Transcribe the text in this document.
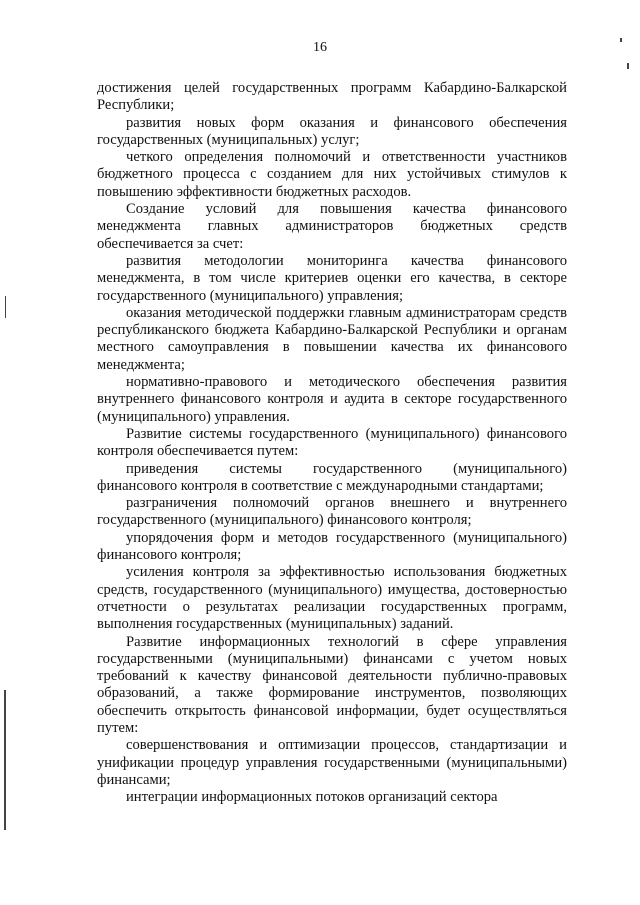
16

достижения целей государственных программ Кабардино-Балкарской Республики;

развития новых форм оказания и финансового обеспечения государственных (муниципальных) услуг;

четкого определения полномочий и ответственности участников бюджетного процесса с созданием для них устойчивых стимулов к повышению эффективности бюджетных расходов.

Создание условий для повышения качества финансового менеджмента главных администраторов бюджетных средств обеспечивается за счет:

развития методологии мониторинга качества финансового менеджмента, в том числе критериев оценки его качества, в секторе государственного (муниципального) управления;

оказания методической поддержки главным администраторам средств республиканского бюджета Кабардино-Балкарской Республики и органам местного самоуправления в повышении качества их финансового менеджмента;

нормативно-правового и методического обеспечения развития внутреннего финансового контроля и аудита в секторе государственного (муниципального) управления.

Развитие системы государственного (муниципального) финансового контроля обеспечивается путем:

приведения системы государственного (муниципального) финансового контроля в соответствие с международными стандартами;

разграничения полномочий органов внешнего и внутреннего государственного (муниципального) финансового контроля;

упорядочения форм и методов государственного (муниципального) финансового контроля;

усиления контроля за эффективностью использования бюджетных средств, государственного (муниципального) имущества, достоверностью отчетности о результатах реализации государственных программ, выполнения государственных (муниципальных) заданий.

Развитие информационных технологий в сфере управления государственными (муниципальными) финансами с учетом новых требований к качеству финансовой деятельности публично-правовых образований, а также формирование инструментов, позволяющих обеспечить открытость финансовой информации, будет осуществляться путем:

совершенствования и оптимизации процессов, стандартизации и унификации процедур управления государственными (муниципальными) финансами;

интеграции информационных потоков организаций сектора
